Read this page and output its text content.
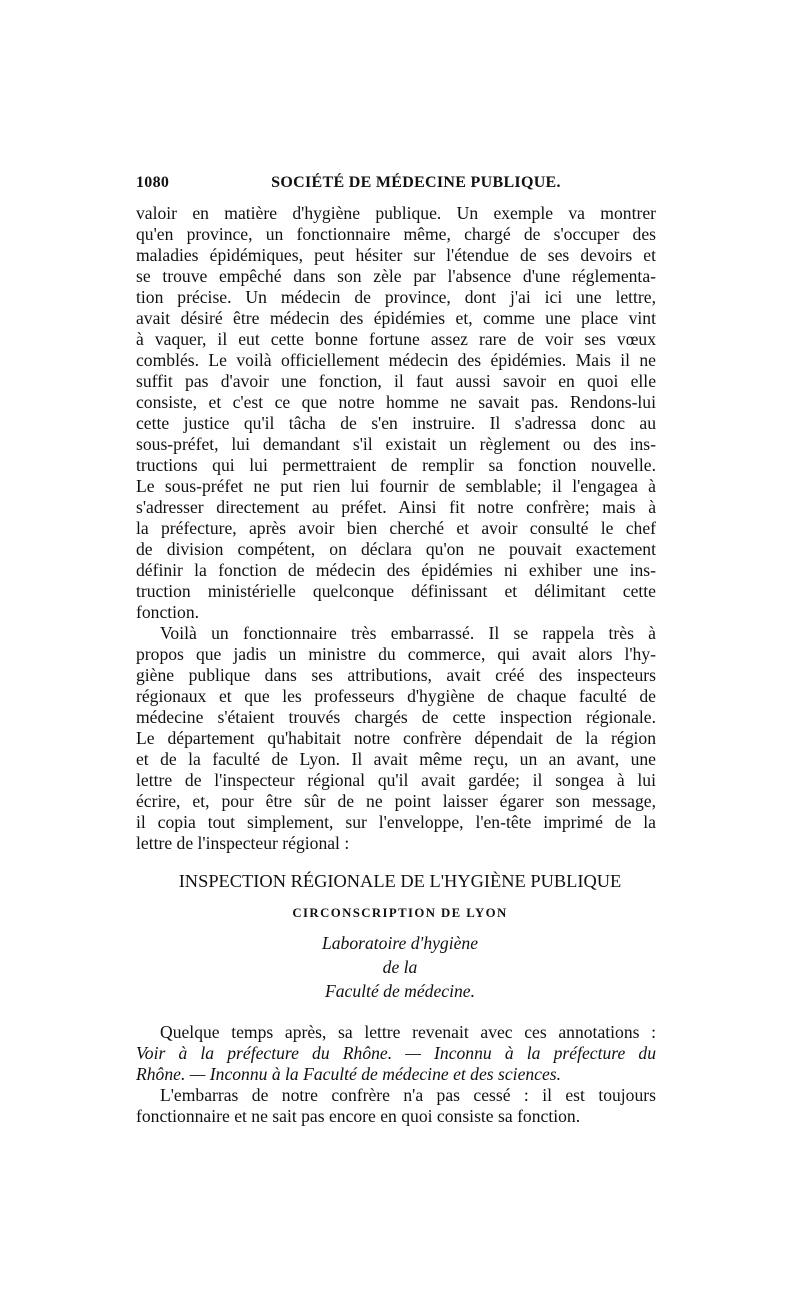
1080	SOCIÉTÉ DE MÉDECINE PUBLIQUE.
valoir en matière d'hygiène publique. Un exemple va montrer
qu'en province, un fonctionnaire même, chargé de s'occuper des
maladies épidémiques, peut hésiter sur l'étendue de ses devoirs et
se trouve empêché dans son zèle par l'absence d'une réglementa-
tion précise. Un médecin de province, dont j'ai ici une lettre,
avait désiré être médecin des épidémies et, comme une place vint
à vaquer, il eut cette bonne fortune assez rare de voir ses vœux
comblés. Le voilà officiellement médecin des épidémies. Mais il ne
suffit pas d'avoir une fonction, il faut aussi savoir en quoi elle
consiste, et c'est ce que notre homme ne savait pas. Rendons-lui
cette justice qu'il tâcha de s'en instruire. Il s'adressa donc au
sous-préfet, lui demandant s'il existait un règlement ou des ins-
tructions qui lui permettraient de remplir sa fonction nouvelle.
Le sous-préfet ne put rien lui fournir de semblable; il l'engagea à
s'adresser directement au préfet. Ainsi fit notre confrère; mais à
la préfecture, après avoir bien cherché et avoir consulté le chef
de division compétent, on déclara qu'on ne pouvait exactement
définir la fonction de médecin des épidémies ni exhiber une ins-
truction ministérielle quelconque définissant et délimitant cette
fonction.
Voilà un fonctionnaire très embarrassé. Il se rappela très à
propos que jadis un ministre du commerce, qui avait alors l'hy-
giène publique dans ses attributions, avait créé des inspecteurs
régionaux et que les professeurs d'hygiène de chaque faculté de
médecine s'étaient trouvés chargés de cette inspection régionale.
Le département qu'habitait notre confrère dépendait de la région
et de la faculté de Lyon. Il avait même reçu, un an avant, une
lettre de l'inspecteur régional qu'il avait gardée; il songea à lui
écrire, et, pour être sûr de ne point laisser égarer son message,
il copia tout simplement, sur l'enveloppe, l'en-tête imprimé de la
lettre de l'inspecteur régional :
INSPECTION RÉGIONALE DE L'HYGIÈNE PUBLIQUE
CIRCONSCRIPTION DE LYON
Laboratoire d'hygiène
de la
Faculté de médecine.
Quelque temps après, sa lettre revenait avec ces annotations :
Voir à la préfecture du Rhône. — Inconnu à la préfecture du
Rhône. — Inconnu à la Faculté de médecine et des sciences.
L'embarras de notre confrère n'a pas cessé : il est toujours
fonctionnaire et ne sait pas encore en quoi consiste sa fonction.
